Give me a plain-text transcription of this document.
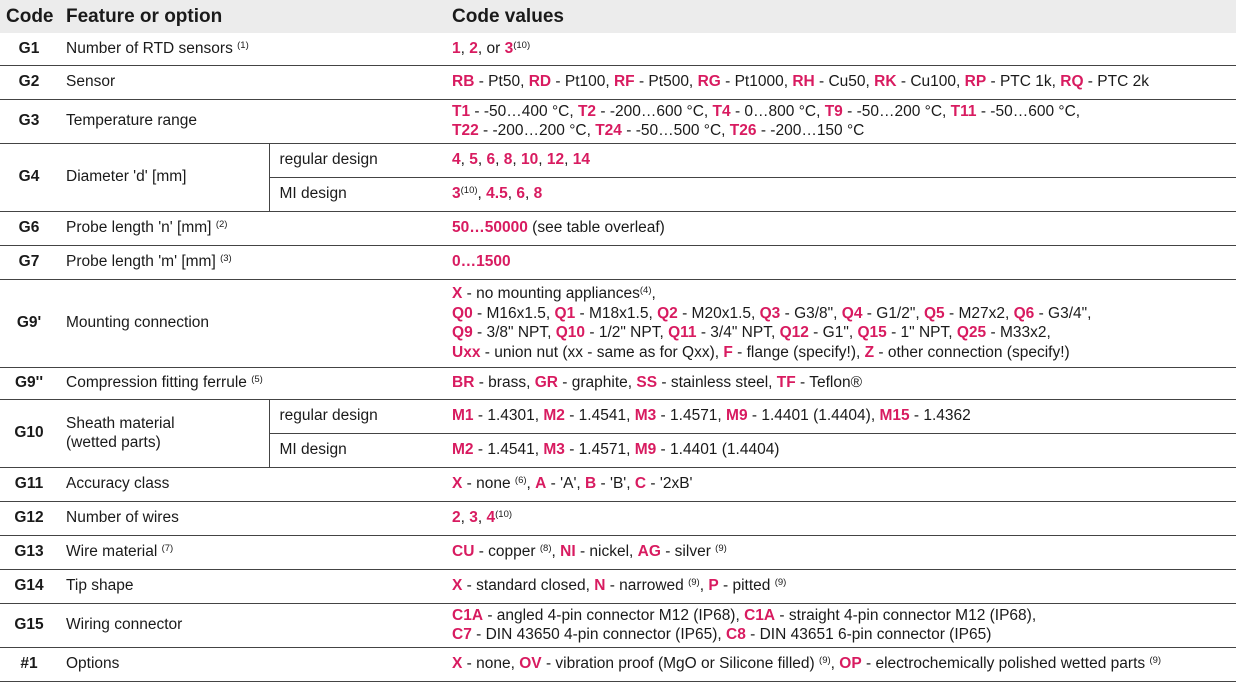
Code	Feature or option		Code values
G1	Number of RTD sensors $^{(1)}$		1, 2, or 3$^{(10)}$
G2	Sensor		RB - Pt50, RD - Pt100, RF - Pt500, RG - Pt1000, RH - Cu50, RK - Cu100, RP - PTC 1k, RQ - PTC 2k
G3	Temperature range		T1 - -50…400 °C, T2 - -200…600 °C, T4 - 0…800 °C, T9 - -50…200 °C, T11 - -50…600 °C,
T22 - -200…200 °C, T24 - -50…500 °C, T26 - -200…150 °C
G4	Diameter 'd' [mm]	regular design	4, 5, 6, 8, 10, 12, 14
		MI design	3$^{(10)}$, 4.5, 6, 8
G6	Probe length 'n' [mm] $^{(2)}$		50…50000 (see table overleaf)
G7	Probe length 'm' [mm] $^{(3)}$		0…1500
G9'	Mounting connection		X - no mounting appliances$^{(4)}$,
Q0 - M16x1.5, Q1 - M18x1.5, Q2 - M20x1.5, Q3 - G3/8", Q4 - G1/2", Q5 - M27x2, Q6 - G3/4",
Q9 - 3/8" NPT, Q10 - 1/2" NPT, Q11 - 3/4" NPT, Q12 - G1", Q15 - 1" NPT, Q25 - M33x2,
Uxx - union nut (xx - same as for Qxx), F - flange (specify!), Z - other connection (specify!)
G9''	Compression fitting ferrule $^{(5)}$		BR - brass, GR - graphite, SS - stainless steel, TF - Teflon®
G10	Sheath material
(wetted parts)	regular design	M1 - 1.4301, M2 - 1.4541, M3 - 1.4571, M9 - 1.4401 (1.4404), M15 - 1.4362
		MI design	M2 - 1.4541, M3 - 1.4571, M9 - 1.4401 (1.4404)
G11	Accuracy class		X - none $^{(6)}$, A - 'A', B - 'B', C - '2xB'
G12	Number of wires		2, 3, 4$^{(10)}$
G13	Wire material $^{(7)}$		CU - copper $^{(8)}$, NI - nickel, AG - silver $^{(9)}$
G14	Tip shape		X - standard closed, N - narrowed $^{(9)}$, P - pitted $^{(9)}$
G15	Wiring connector		C1A - angled 4-pin connector M12 (IP68), C1A - straight 4-pin connector M12 (IP68),
C7 - DIN 43650 4-pin connector (IP65), C8 - DIN 43651 6-pin connector (IP65)
#1	Options		X - none, OV - vibration proof (MgO or Silicone filled) $^{(9)}$, OP - electrochemically polished wetted parts $^{(9)}$
